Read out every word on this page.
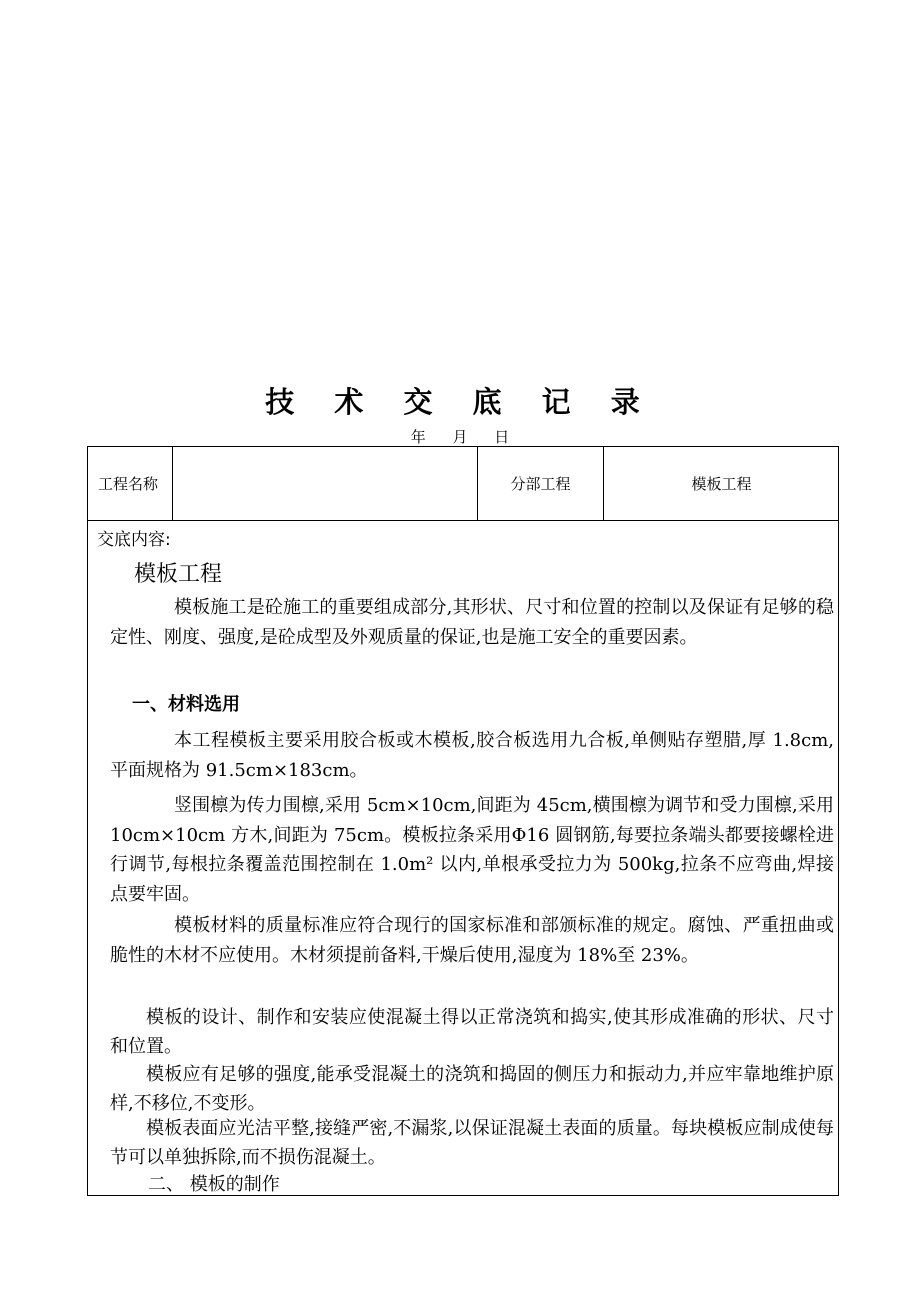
技 术 交 底 记 录
年 月 日
工程名称	分部工程	模板工程
交底内容:
模板工程

模板施工是砼施工的重要组成部分,其形状、尺寸和位置的控制以及保证有足够的稳定性、刚度、强度,是砼成型及外观质量的保证,也是施工安全的重要因素。

一、材料选用

本工程模板主要采用胶合板或木模板,胶合板选用九合板,单侧贴存塑腊,厚 1.8cm,平面规格为 91.5cm×183cm。

竖围檩为传力围檩,采用 5cm×10cm,间距为 45cm,横围檩为调节和受力围檩,采用 10cm×10cm 方木,间距为 75cm。模板拉条采用Φ16 圆钢筋,每要拉条端头都要接螺栓进行调节,每根拉条覆盖范围控制在 1.0m² 以内,单根承受拉力为 500kg,拉条不应弯曲,焊接点要牢固。

模板材料的质量标准应符合现行的国家标准和部颁标准的规定。腐蚀、严重扭曲或脆性的木材不应使用。木材须提前备料,干燥后使用,湿度为 18%至 23%。

模板的设计、制作和安装应使混凝土得以正常浇筑和捣实,使其形成准确的形状、尺寸和位置。

模板应有足够的强度,能承受混凝土的浇筑和捣固的侧压力和振动力,并应牢靠地维护原样,不移位,不变形。

模板表面应光洁平整,接缝严密,不漏浆,以保证混凝土表面的质量。每块模板应制成使每节可以单独拆除,而不损伤混凝土。

二、 模板的制作
